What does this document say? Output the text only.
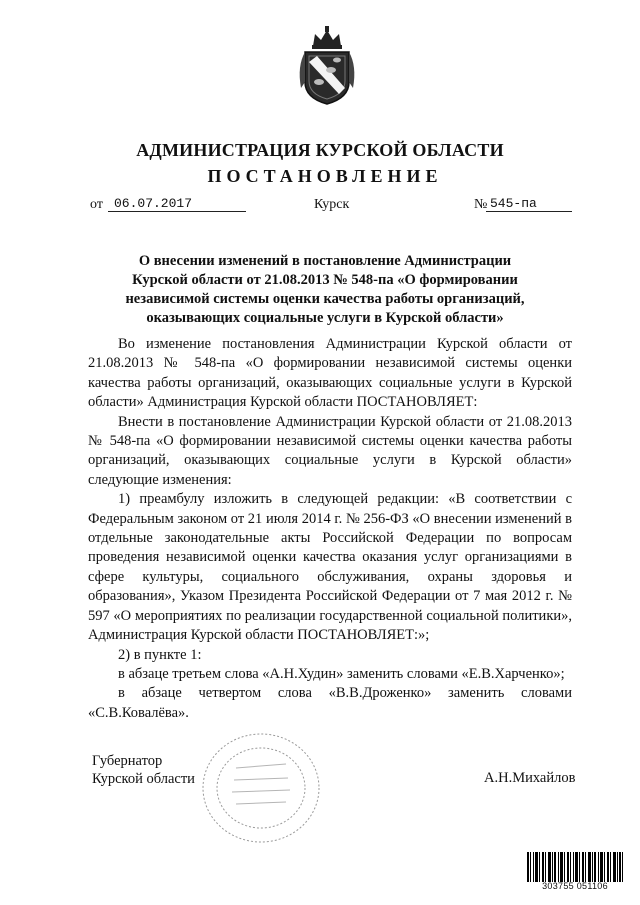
АДМИНИСТРАЦИЯ КУРСКОЙ ОБЛАСТИ
ПОСТАНОВЛЕНИЕ
от 06.07.2017	Курск	№ 545-па
О внесении изменений в постановление Администрации Курской области от 21.08.2013 № 548-па «О формировании независимой системы оценки качества работы организаций, оказывающих социальные услуги в Курской области»

Во изменение постановления Администрации Курской области от 21.08.2013 № 548-па «О формировании независимой системы оценки качества работы организаций, оказывающих социальные услуги в Курской области» Администрация Курской области ПОСТАНОВЛЯЕТ:

Внести в постановление Администрации Курской области от 21.08.2013 № 548-па «О формировании независимой системы оценки качества работы организаций, оказывающих социальные услуги в Курской области» следующие изменения:

1) преамбулу изложить в следующей редакции: «В соответствии с Федеральным законом от 21 июля 2014 г. № 256-ФЗ «О внесении изменений в отдельные законодательные акты Российской Федерации по вопросам проведения независимой оценки качества оказания услуг организациями в сфере культуры, социального обслуживания, охраны здоровья и образования», Указом Президента Российской Федерации от 7 мая 2012 г. № 597 «О мероприятиях по реализации государственной социальной политики», Администрация Курской области ПОСТАНОВЛЯЕТ:»;

2) в пункте 1:

в абзаце третьем слова «А.Н.Худин» заменить словами «Е.В.Харченко»;

в абзаце четвертом слова «В.В.Дроженко» заменить словами «С.В.Ковалёва».

Губернатор
Курской области	А.Н.Михайлов
303755 051106
